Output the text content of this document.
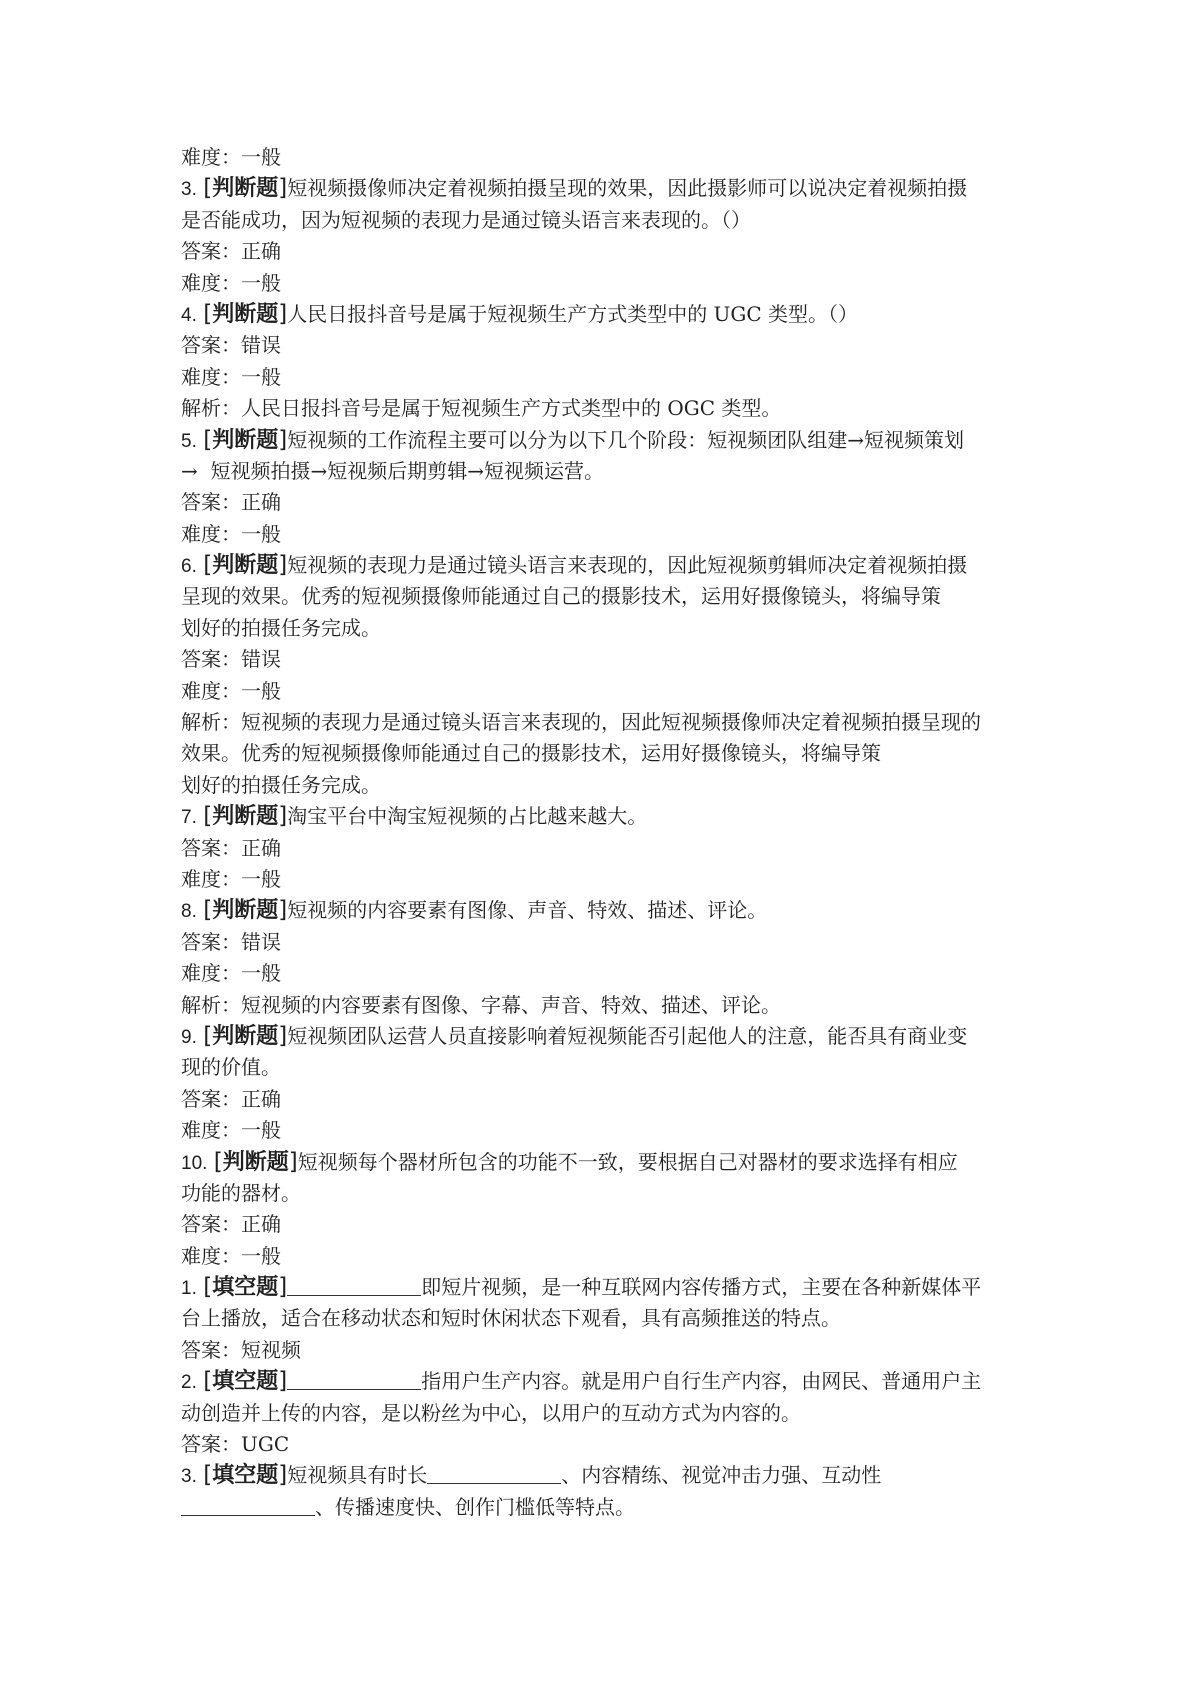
难度：一般
3. [判断题]短视频摄像师决定着视频拍摄呈现的效果，因此摄影师可以说决定着视频拍摄
是否能成功，因为短视频的表现力是通过镜头语言来表现的。（）
答案：正确
难度：一般
4. [判断题]人民日报抖音号是属于短视频生产方式类型中的 UGC 类型。（）
答案：错误
难度：一般
解析：人民日报抖音号是属于短视频生产方式类型中的 OGC 类型。
5. [判断题]短视频的工作流程主要可以分为以下几个阶段：短视频团队组建→短视频策划
→  短视频拍摄→短视频后期剪辑→短视频运营。
答案：正确
难度：一般
6. [判断题]短视频的表现力是通过镜头语言来表现的，因此短视频剪辑师决定着视频拍摄
呈现的效果。优秀的短视频摄像师能通过自己的摄影技术，运用好摄像镜头，将编导策
划好的拍摄任务完成。
答案：错误
难度：一般
解析：短视频的表现力是通过镜头语言来表现的，因此短视频摄像师决定着视频拍摄呈现的
效果。优秀的短视频摄像师能通过自己的摄影技术，运用好摄像镜头，将编导策
划好的拍摄任务完成。
7. [判断题]淘宝平台中淘宝短视频的占比越来越大。
答案：正确
难度：一般
8. [判断题]短视频的内容要素有图像、声音、特效、描述、评论。
答案：错误
难度：一般
解析：短视频的内容要素有图像、字幕、声音、特效、描述、评论。
9. [判断题]短视频团队运营人员直接影响着短视频能否引起他人的注意，能否具有商业变
现的价值。
答案：正确
难度：一般
10. [判断题]短视频每个器材所包含的功能不一致，要根据自己对器材的要求选择有相应
功能的器材。
答案：正确
难度：一般
1. [填空题]	即短片视频，是一种互联网内容传播方式，主要在各种新媒体平
台上播放，适合在移动状态和短时休闲状态下观看，具有高频推送的特点。
答案：短视频
2. [填空题]	指用户生产内容。就是用户自行生产内容，由网民、普通用户主
动创造并上传的内容，是以粉丝为中心，以用户的互动方式为内容的。
答案：UGC
3. [填空题]短视频具有时长	、内容精练、视觉冲击力强、互动性
、传播速度快、创作门槛低等特点。
